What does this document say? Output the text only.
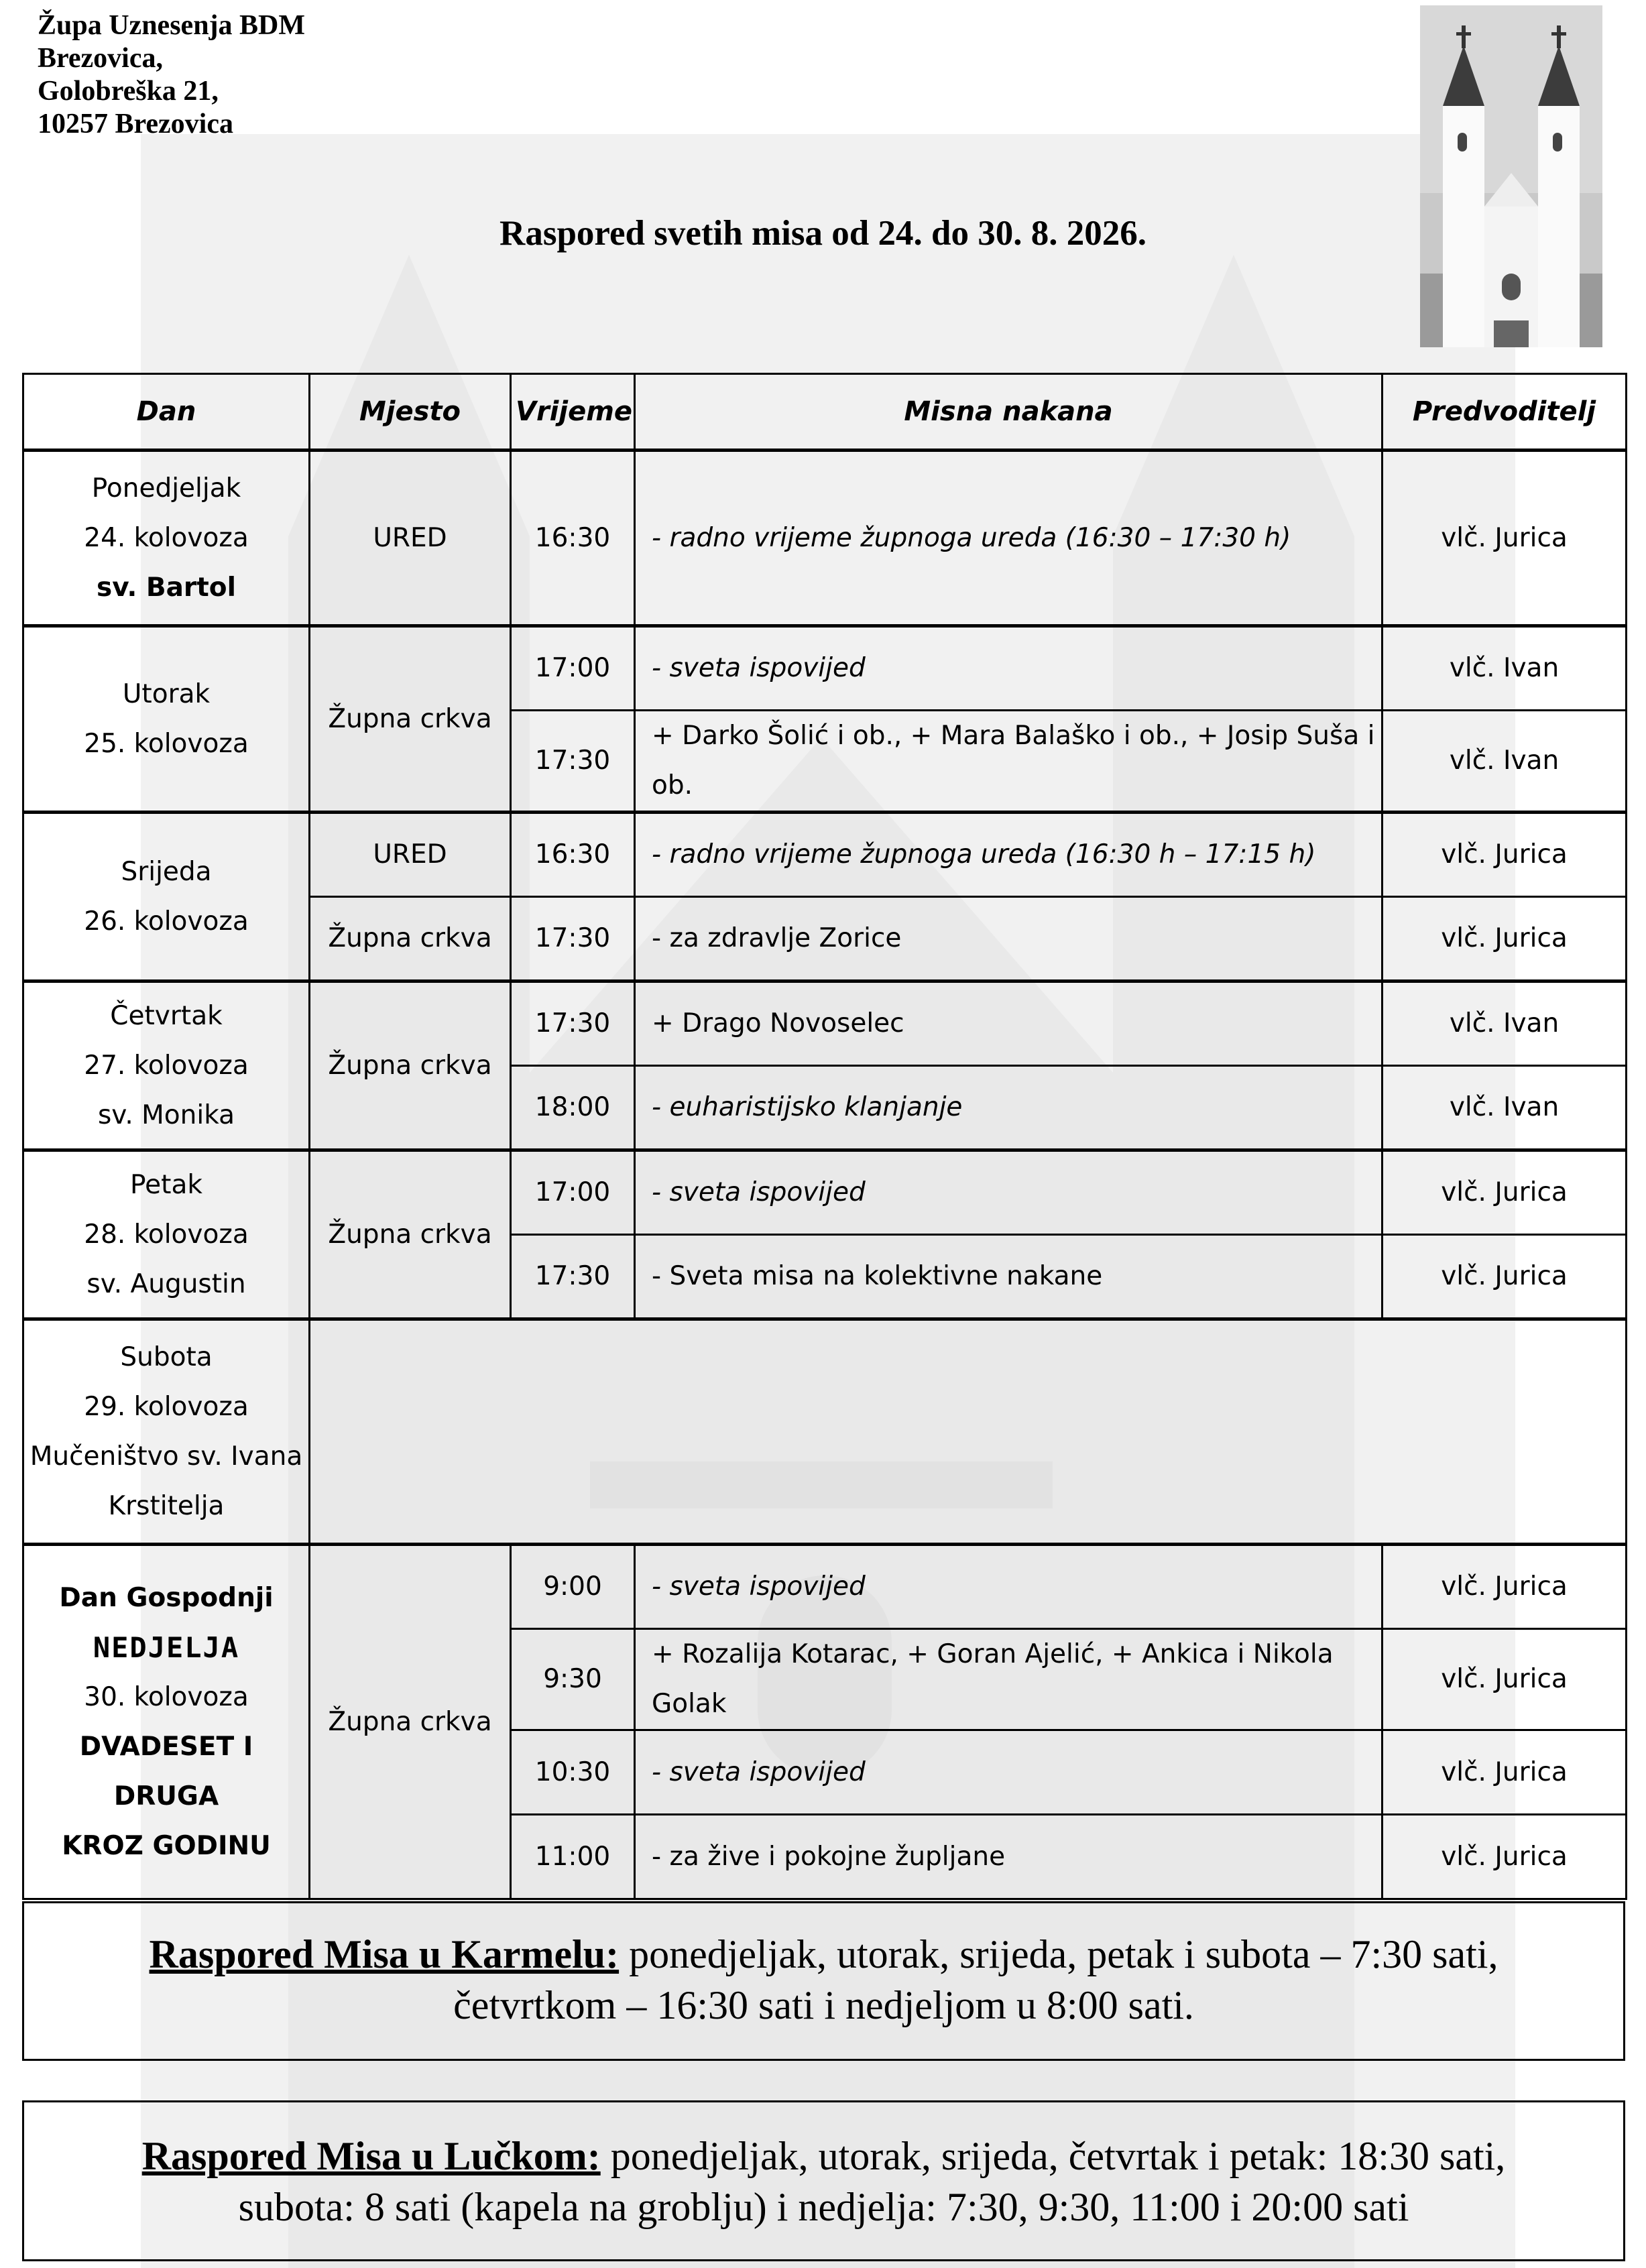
Župa Uznesenja BDM
Brezovica,
Golobreška 21,
10257 Brezovica
Raspored svetih misa od 24. do 30. 8. 2026.
Dan	Mjesto	Vrijeme	Misna nakana	Predvoditelj

Ponedjeljak
24. kolovoza
sv. Bartol	URED	16:30	- radno vrijeme župnoga ureda (16:30 – 17:30 h)	vlč. Jurica

Utorak
25. kolovoza	Župna crkva	17:00	- sveta ispovijed	vlč. Ivan
		17:30	+ Darko Šolić i ob., + Mara Balaško i ob., + Josip Suša i ob.	vlč. Ivan

Srijeda
26. kolovoza	URED	16:30	- radno vrijeme župnoga ureda (16:30 h – 17:15 h)	vlč. Jurica
	Župna crkva	17:30	- za zdravlje Zorice	vlč. Jurica

Četvrtak
27. kolovoza
sv. Monika	Župna crkva	17:30	+ Drago Novoselec	vlč. Ivan
		18:00	- euharistijsko klanjanje	vlč. Ivan

Petak
28. kolovoza
sv. Augustin	Župna crkva	17:00	- sveta ispovijed	vlč. Jurica
		17:30	- Sveta misa na kolektivne nakane	vlč. Jurica

Subota
29. kolovoza
Mučeništvo sv. Ivana
Krstitelja				

Dan Gospodnji
NEDJELJA
30. kolovoza
DVADESET I DRUGA
KROZ GODINU	Župna crkva	9:00	- sveta ispovijed	vlč. Jurica
		9:30	+ Rozalija Kotarac, + Goran Ajelić, + Ankica i Nikola Golak	vlč. Jurica
		10:30	- sveta ispovijed	vlč. Jurica
		11:00	- za žive i pokojne župljane	vlč. Jurica
Raspored Misa u Karmelu: ponedjeljak, utorak, srijeda, petak i subota – 7:30 sati,
četvrtkom – 16:30 sati i nedjeljom u 8:00 sati.
Raspored Misa u Lučkom: ponedjeljak, utorak, srijeda, četvrtak i petak: 18:30 sati,
subota: 8 sati (kapela na groblju) i nedjelja: 7:30, 9:30, 11:00 i 20:00 sati
